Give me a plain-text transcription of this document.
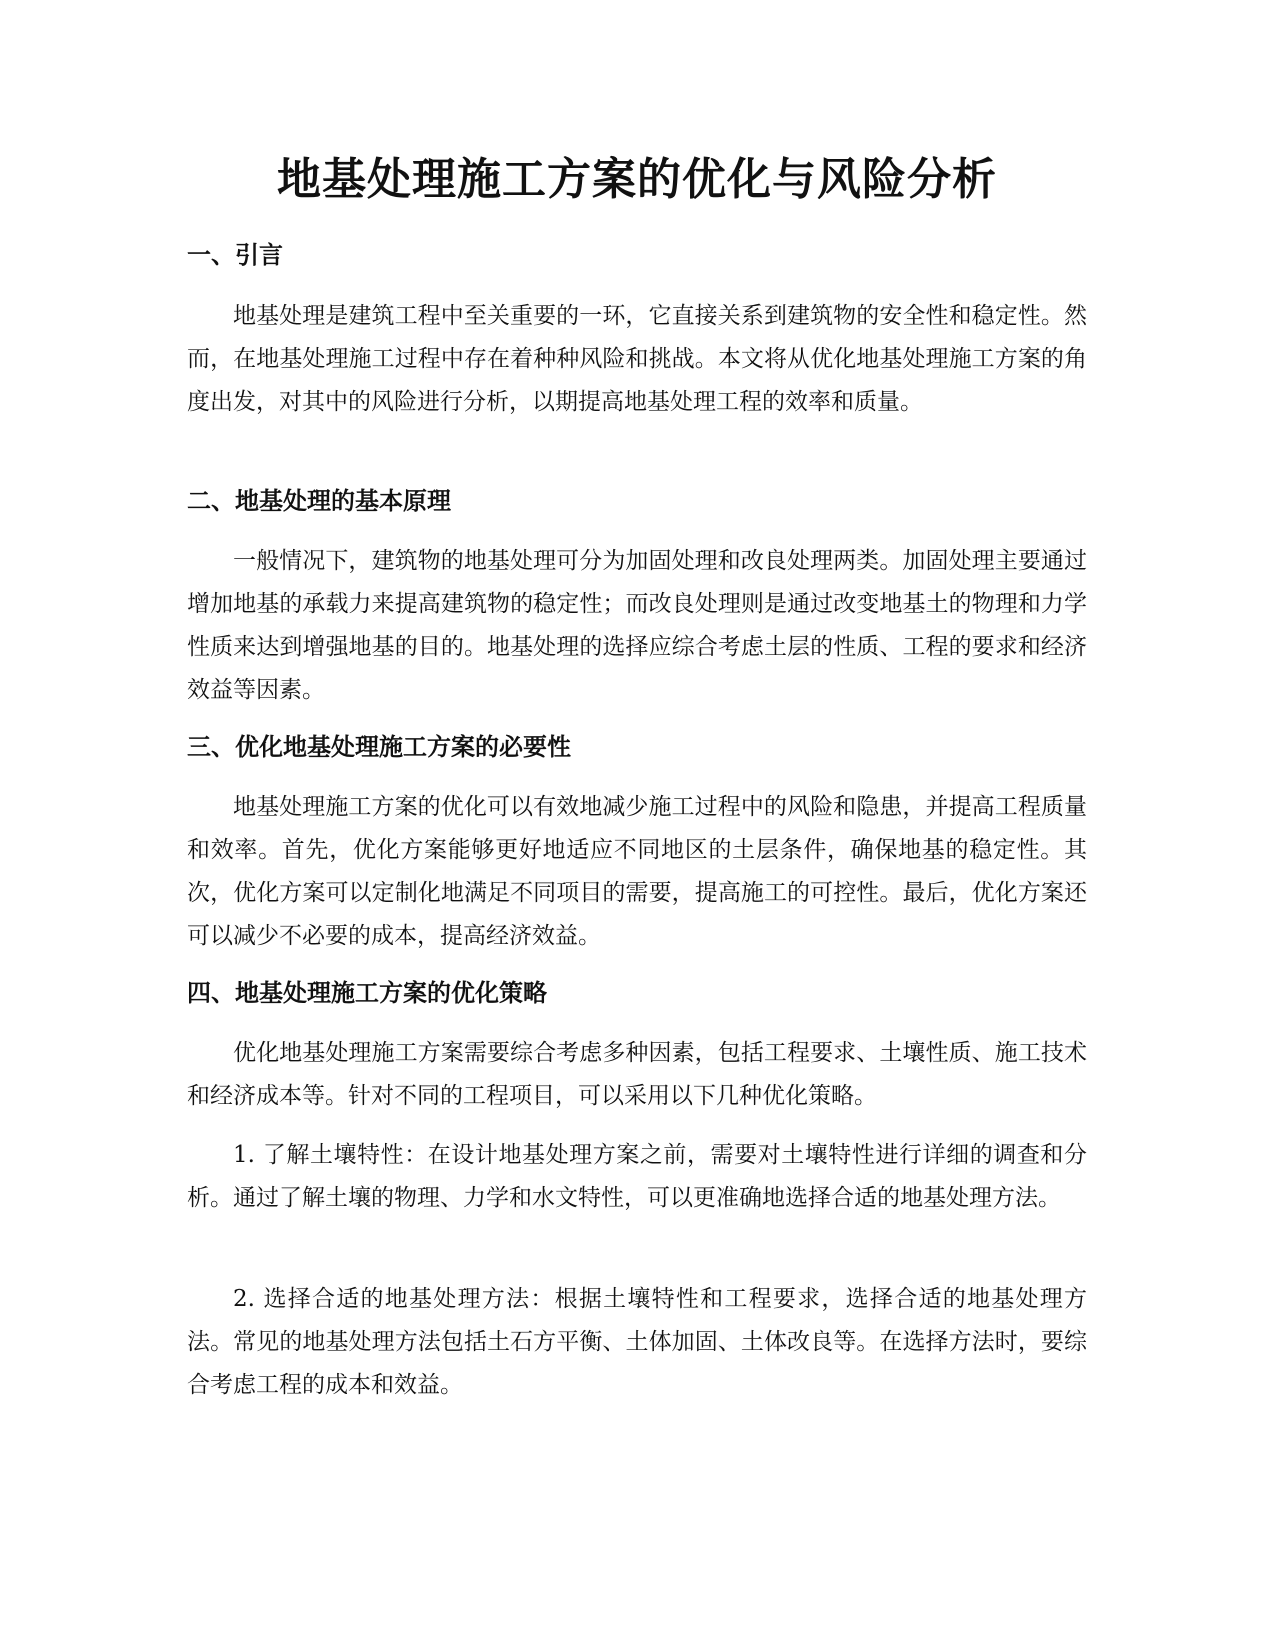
地基处理施工方案的优化与风险分析
一、引言

地基处理是建筑工程中至关重要的一环，它直接关系到建筑物的安全性和稳定性。然而，在地基处理施工过程中存在着种种风险和挑战。本文将从优化地基处理施工方案的角度出发，对其中的风险进行分析，以期提高地基处理工程的效率和质量。

二、地基处理的基本原理

一般情况下，建筑物的地基处理可分为加固处理和改良处理两类。加固处理主要通过增加地基的承载力来提高建筑物的稳定性；而改良处理则是通过改变地基土的物理和力学性质来达到增强地基的目的。地基处理的选择应综合考虑土层的性质、工程的要求和经济效益等因素。

三、优化地基处理施工方案的必要性

地基处理施工方案的优化可以有效地减少施工过程中的风险和隐患，并提高工程质量和效率。首先，优化方案能够更好地适应不同地区的土层条件，确保地基的稳定性。其次，优化方案可以定制化地满足不同项目的需要，提高施工的可控性。最后，优化方案还可以减少不必要的成本，提高经济效益。

四、地基处理施工方案的优化策略

优化地基处理施工方案需要综合考虑多种因素，包括工程要求、土壤性质、施工技术和经济成本等。针对不同的工程项目，可以采用以下几种优化策略。

1. 了解土壤特性：在设计地基处理方案之前，需要对土壤特性进行详细的调查和分析。通过了解土壤的物理、力学和水文特性，可以更准确地选择合适的地基处理方法。

2. 选择合适的地基处理方法：根据土壤特性和工程要求，选择合适的地基处理方法。常见的地基处理方法包括土石方平衡、土体加固、土体改良等。在选择方法时，要综合考虑工程的成本和效益。
